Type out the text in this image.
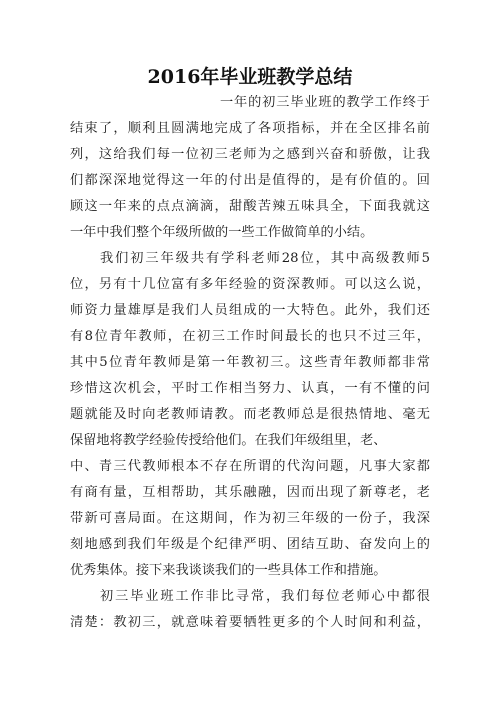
2016年毕业班教学总结
一年的初三毕业班的教学工作终于
结束了，顺利且圆满地完成了各项指标，并在全区排名前
列，这给我们每一位初三老师为之感到兴奋和骄傲，让我
们都深深地觉得这一年的付出是值得的，是有价值的。回
顾这一年来的点点滴滴，甜酸苦辣五味具全，下面我就这
一年中我们整个年级所做的一些工作做简单的小结。
我们初三年级共有学科老师28位，其中高级教师5
位，另有十几位富有多年经验的资深教师。可以这么说，
师资力量雄厚是我们人员组成的一大特色。此外，我们还
有8位青年教师，在初三工作时间最长的也只不过三年，
其中5位青年教师是第一年教初三。这些青年教师都非常
珍惜这次机会，平时工作相当努力、认真，一有不懂的问
题就能及时向老教师请教。而老教师总是很热情地、毫无
保留地将教学经验传授给他们。在我们年级组里，老、
中、青三代教师根本不存在所谓的代沟问题，凡事大家都
有商有量，互相帮助，其乐融融，因而出现了新尊老，老
带新可喜局面。在这期间，作为初三年级的一份子，我深
刻地感到我们年级是个纪律严明、团结互助、奋发向上的
优秀集体。接下来我谈谈我们的一些具体工作和措施。
初三毕业班工作非比寻常，我们每位老师心中都很
清楚：教初三，就意味着要牺牲更多的个人时间和利益，
